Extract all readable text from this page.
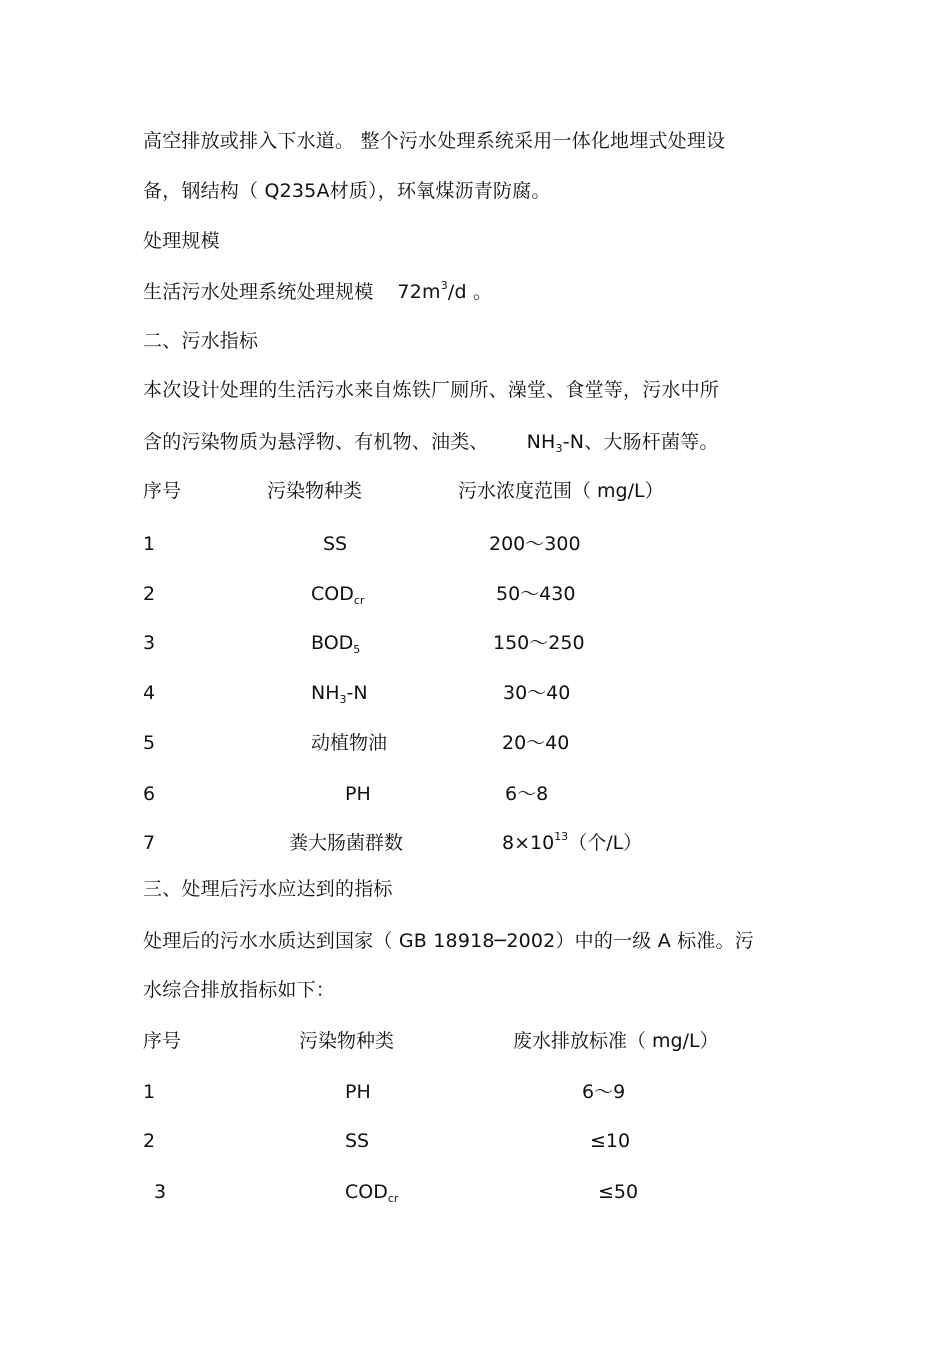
高空排放或排入下水道。 整个污水处理系统采用一体化地埋式处理设
备，钢结构（ Q235A材质），环氧煤沥青防腐。
处理规模
生活污水处理系统处理规模 $72m^3/d$ 。
二、污水指标
本次设计处理的生活污水来自炼铁厂厕所、澡堂、食堂等，污水中所
含的污染物质为悬浮物、有机物、油类、 $NH_3-N$、大肠杆菌等。
序号	污染物种类	污水浓度范围（ mg/L）
1	SS	200～300
2	$COD_{cr}$	50～430
3	$BOD_5$	150～250
4	$NH_3-N$	30～40
5	动植物油	20～40
6	PH	6～8
7	粪大肠菌群数	$8\times 10^{13}$（个/L）
三、处理后污水应达到的指标
处理后的污水水质达到国家（ GB 18918─2002）中的一级 A 标准。污
水综合排放指标如下：
序号	污染物种类	废水排放标准（ mg/L）
1	PH	6～9
2	SS	≤10
3	$COD_{cr}$	≤50
